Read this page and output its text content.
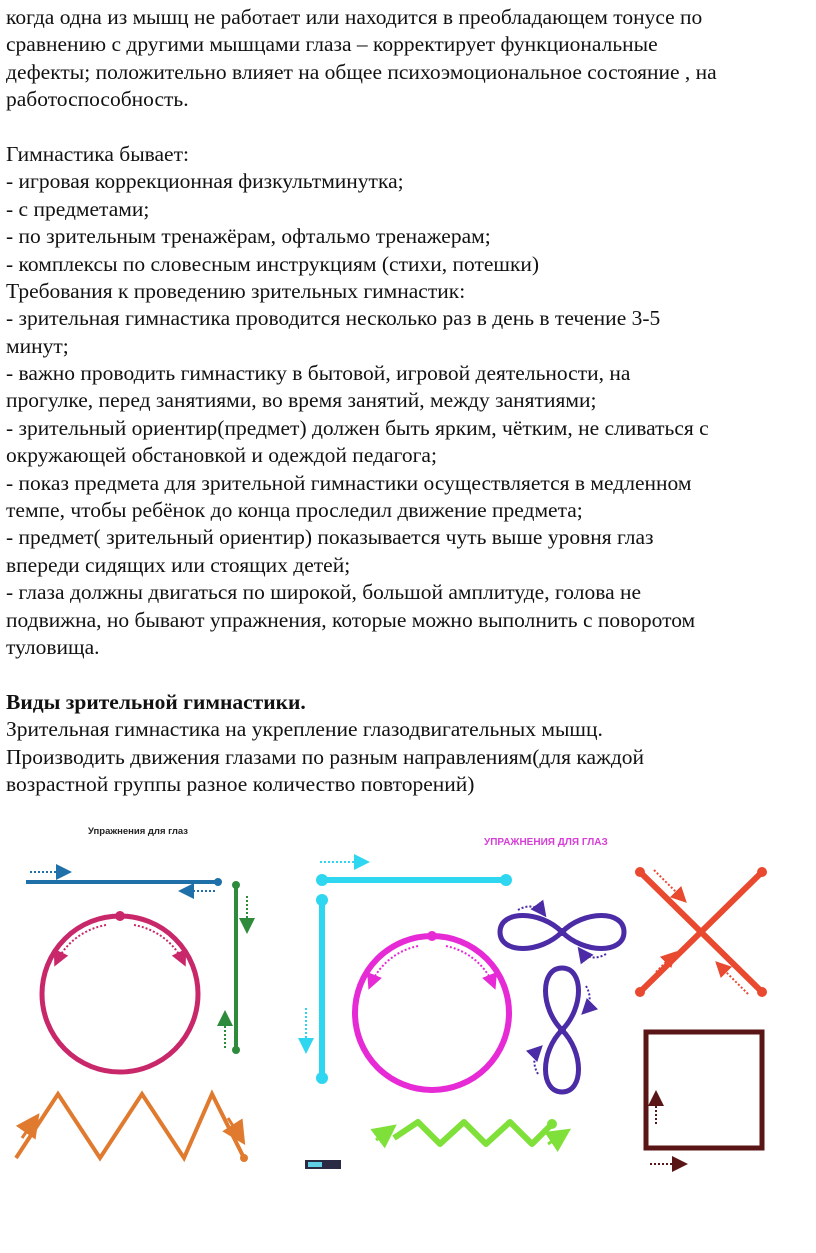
когда одна из мышц не работает или находится в преобладающем тонусе по
сравнению с другими мышцами глаза – корректирует функциональные
дефекты; положительно влияет на общее психоэмоциональное состояние , на
работоспособность.
Гимнастика бывает:
- игровая коррекционная физкультминутка;
- с предметами;
- по зрительным тренажёрам, офтальмо тренажерам;
- комплексы по словесным инструкциям (стихи, потешки)
Требования к проведению зрительных гимнастик:
- зрительная гимнастика проводится несколько раз в день в течение 3-5
минут;
- важно проводить гимнастику в бытовой, игровой деятельности, на
прогулке, перед занятиями, во время занятий, между занятиями;
- зрительный ориентир(предмет) должен быть ярким, чётким, не сливаться с
окружающей обстановкой и одеждой педагога;
- показ предмета для зрительной гимнастики осуществляется в медленном
темпе, чтобы ребёнок до конца проследил движение предмета;
- предмет( зрительный ориентир) показывается чуть выше уровня глаз
впереди сидящих или стоящих детей;
- глаза должны двигаться по широкой, большой амплитуде, голова не
подвижна, но бывают упражнения, которые можно выполнить с поворотом
туловища.
Виды зрительной гимнастики.
Зрительная гимнастика на укрепление глазодвигательных мышц.
Производить движения глазами по разным направлениям(для каждой
возрастной группы разное количество повторений)
Упражнения для глаз
УПРАЖНЕНИЯ ДЛЯ ГЛАЗ
